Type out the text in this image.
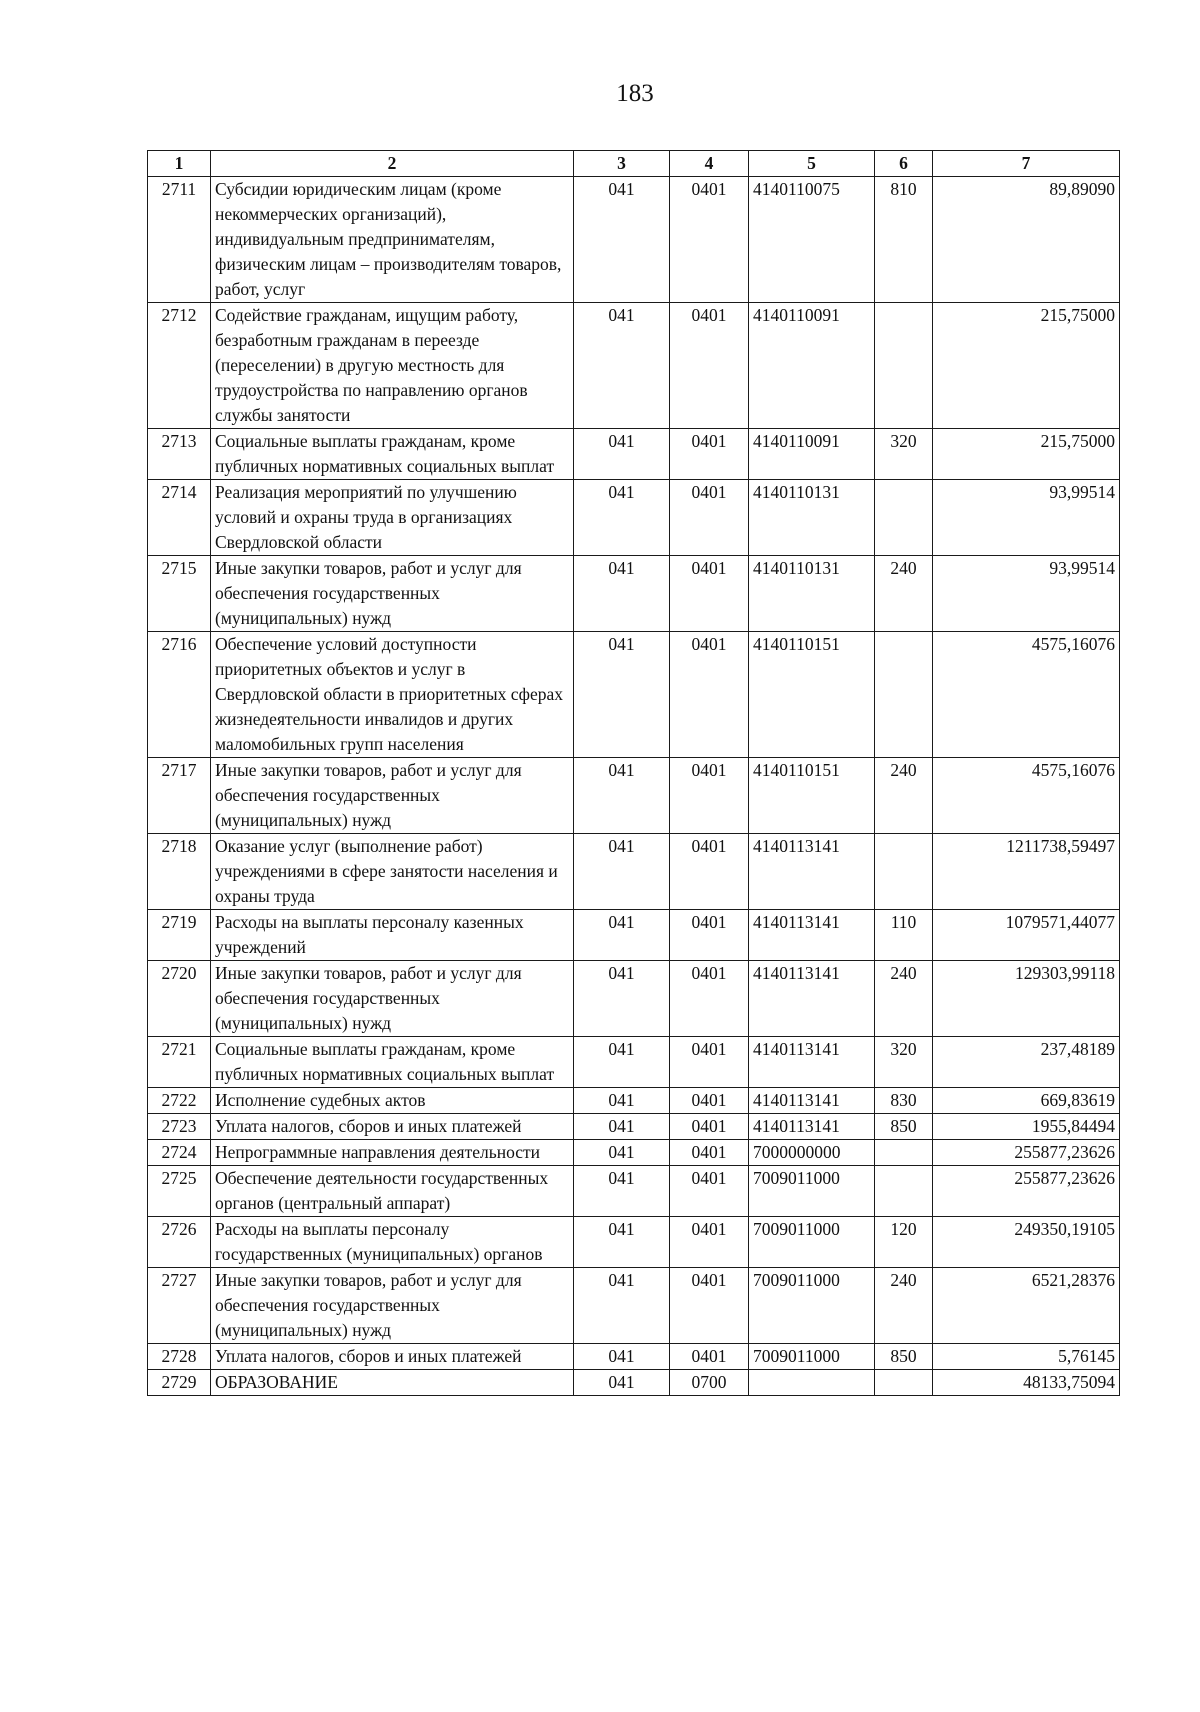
183
1	2	3	4	5	6	7
2711	Субсидии юридическим лицам (кроме некоммерческих организаций), индивидуальным предпринимателям, физическим лицам – производителям товаров, работ, услуг	041	0401	4140110075	810	89,89090
2712	Содействие гражданам, ищущим работу, безработным гражданам в переезде (переселении) в другую местность для трудоустройства по направлению органов службы занятости	041	0401	4140110091		215,75000
2713	Социальные выплаты гражданам, кроме публичных нормативных социальных выплат	041	0401	4140110091	320	215,75000
2714	Реализация мероприятий по улучшению условий и охраны труда в организациях Свердловской области	041	0401	4140110131		93,99514
2715	Иные закупки товаров, работ и услуг для обеспечения государственных (муниципальных) нужд	041	0401	4140110131	240	93,99514
2716	Обеспечение условий доступности приоритетных объектов и услуг в Свердловской области в приоритетных сферах жизнедеятельности инвалидов и других маломобильных групп населения	041	0401	4140110151		4575,16076
2717	Иные закупки товаров, работ и услуг для обеспечения государственных (муниципальных) нужд	041	0401	4140110151	240	4575,16076
2718	Оказание услуг (выполнение работ) учреждениями в сфере занятости населения и охраны труда	041	0401	4140113141		1211738,59497
2719	Расходы на выплаты персоналу казенных учреждений	041	0401	4140113141	110	1079571,44077
2720	Иные закупки товаров, работ и услуг для обеспечения государственных (муниципальных) нужд	041	0401	4140113141	240	129303,99118
2721	Социальные выплаты гражданам, кроме публичных нормативных социальных выплат	041	0401	4140113141	320	237,48189
2722	Исполнение судебных актов	041	0401	4140113141	830	669,83619
2723	Уплата налогов, сборов и иных платежей	041	0401	4140113141	850	1955,84494
2724	Непрограммные направления деятельности	041	0401	7000000000		255877,23626
2725	Обеспечение деятельности государственных органов (центральный аппарат)	041	0401	7009011000		255877,23626
2726	Расходы на выплаты персоналу государственных (муниципальных) органов	041	0401	7009011000	120	249350,19105
2727	Иные закупки товаров, работ и услуг для обеспечения государственных (муниципальных) нужд	041	0401	7009011000	240	6521,28376
2728	Уплата налогов, сборов и иных платежей	041	0401	7009011000	850	5,76145
2729	ОБРАЗОВАНИЕ	041	0700			48133,75094
